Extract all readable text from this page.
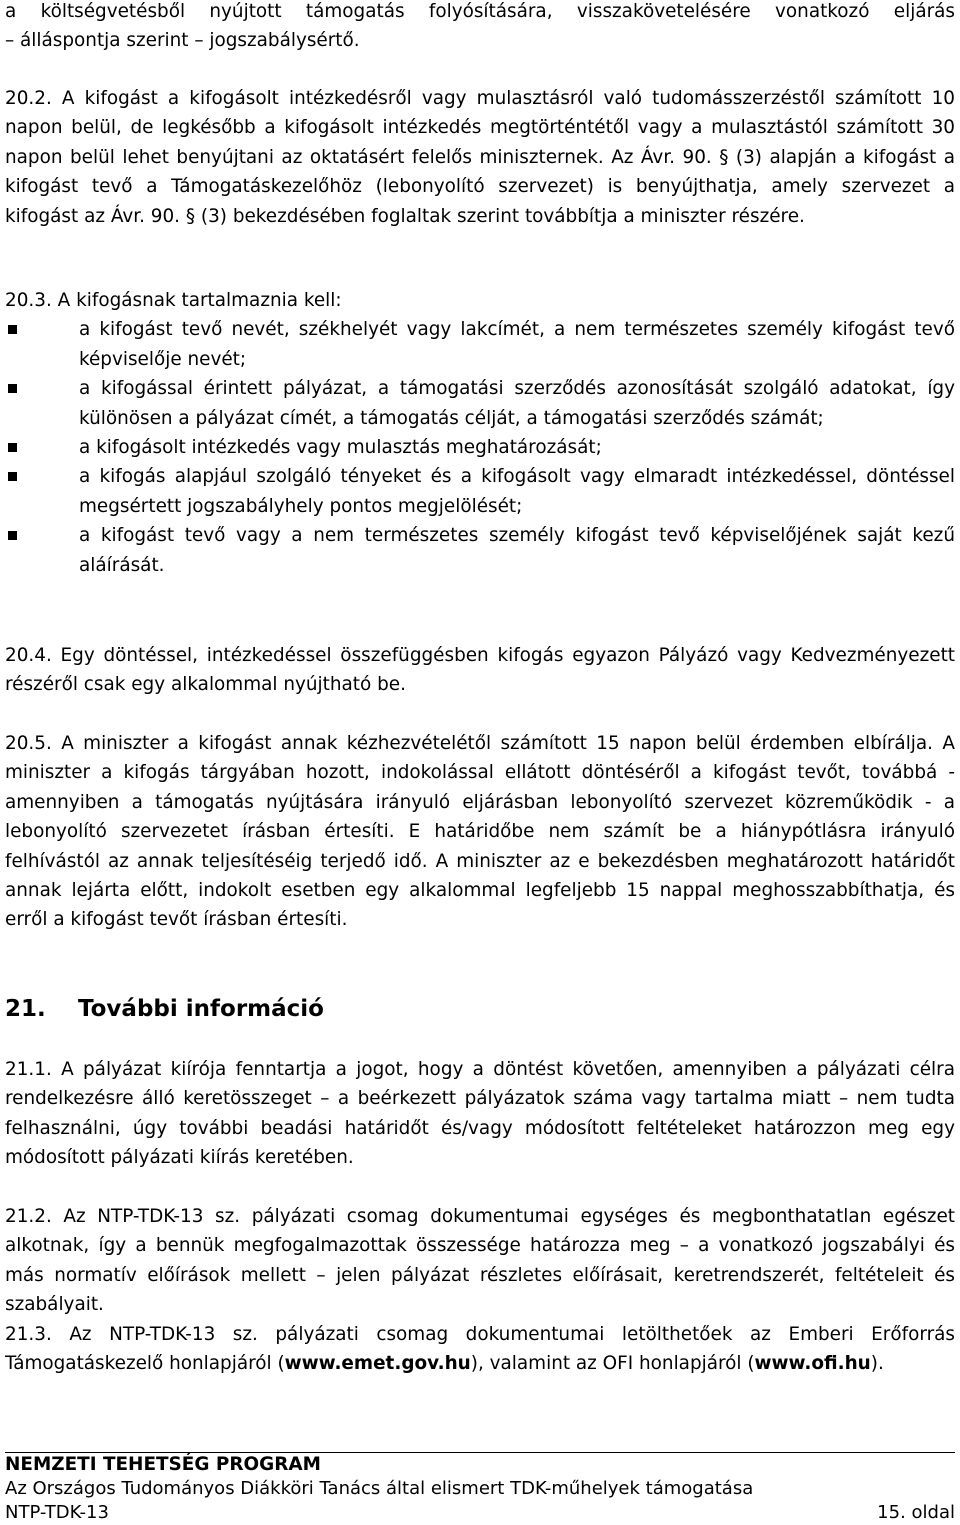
a költségvetésből nyújtott támogatás folyósítására, visszakövetelésére vonatkozó eljárás

– álláspontja szerint – jogszabálysértő.

20.2. A kifogást a kifogásolt intézkedésről vagy mulasztásról való tudomásszerzéstől számított 10 napon belül, de legkésőbb a kifogásolt intézkedés megtörténtétől vagy a mulasztástól számított 30 napon belül lehet benyújtani az oktatásért felelős miniszternek. Az Ávr. 90. § (3) alapján a kifogást a kifogást tevő a Támogatáskezelőhöz (lebonyolító szervezet) is benyújthatja, amely szervezet a kifogást az Ávr. 90. § (3) bekezdésében foglaltak szerint továbbítja a miniszter részére.

20.3. A kifogásnak tartalmaznia kell:

a kifogást tevő nevét, székhelyét vagy lakcímét, a nem természetes személy kifogást tevő képviselője nevét;
a kifogással érintett pályázat, a támogatási szerződés azonosítását szolgáló adatokat, így különösen a pályázat címét, a támogatás célját, a támogatási szerződés számát;
a kifogásolt intézkedés vagy mulasztás meghatározását;
a kifogás alapjául szolgáló tényeket és a kifogásolt vagy elmaradt intézkedéssel, döntéssel megsértett jogszabályhely pontos megjelölését;
a kifogást tevő vagy a nem természetes személy kifogást tevő képviselőjének saját kezű aláírását.

20.4. Egy döntéssel, intézkedéssel összefüggésben kifogás egyazon Pályázó vagy Kedvezményezett részéről csak egy alkalommal nyújtható be.

20.5. A miniszter a kifogást annak kézhezvételétől számított 15 napon belül érdemben elbírálja. A miniszter a kifogás tárgyában hozott, indokolással ellátott döntéséről a kifogást tevőt, továbbá - amennyiben a támogatás nyújtására irányuló eljárásban lebonyolító szervezet közreműködik - a lebonyolító szervezetet írásban értesíti. E határidőbe nem számít be a hiánypótlásra irányuló felhívástól az annak teljesítéséig terjedő idő. A miniszter az e bekezdésben meghatározott határidőt annak lejárta előtt, indokolt esetben egy alkalommal legfeljebb 15 nappal meghosszabbíthatja, és erről a kifogást tevőt írásban értesíti.

21. További információ

21.1. A pályázat kiírója fenntartja a jogot, hogy a döntést követően, amennyiben a pályázati célra rendelkezésre álló keretösszeget – a beérkezett pályázatok száma vagy tartalma miatt – nem tudta felhasználni, úgy további beadási határidőt és/vagy módosított feltételeket határozzon meg egy módosított pályázati kiírás keretében.

21.2. Az NTP-TDK-13 sz. pályázati csomag dokumentumai egységes és megbonthatatlan egészet alkotnak, így a bennük megfogalmazottak összessége határozza meg – a vonatkozó jogszabályi és más normatív előírások mellett – jelen pályázat részletes előírásait, keretrendszerét, feltételeit és szabályait.

21.3. Az NTP-TDK-13 sz. pályázati csomag dokumentumai letölthetőek az Emberi Erőforrás Támogatáskezelő honlapjáról (www.emet.gov.hu), valamint az OFI honlapjáról (www.ofi.hu).

NEMZETI TEHETSÉG PROGRAM
Az Országos Tudományos Diákköri Tanács által elismert TDK-műhelyek támogatása
NTP-TDK-13	15. oldal
